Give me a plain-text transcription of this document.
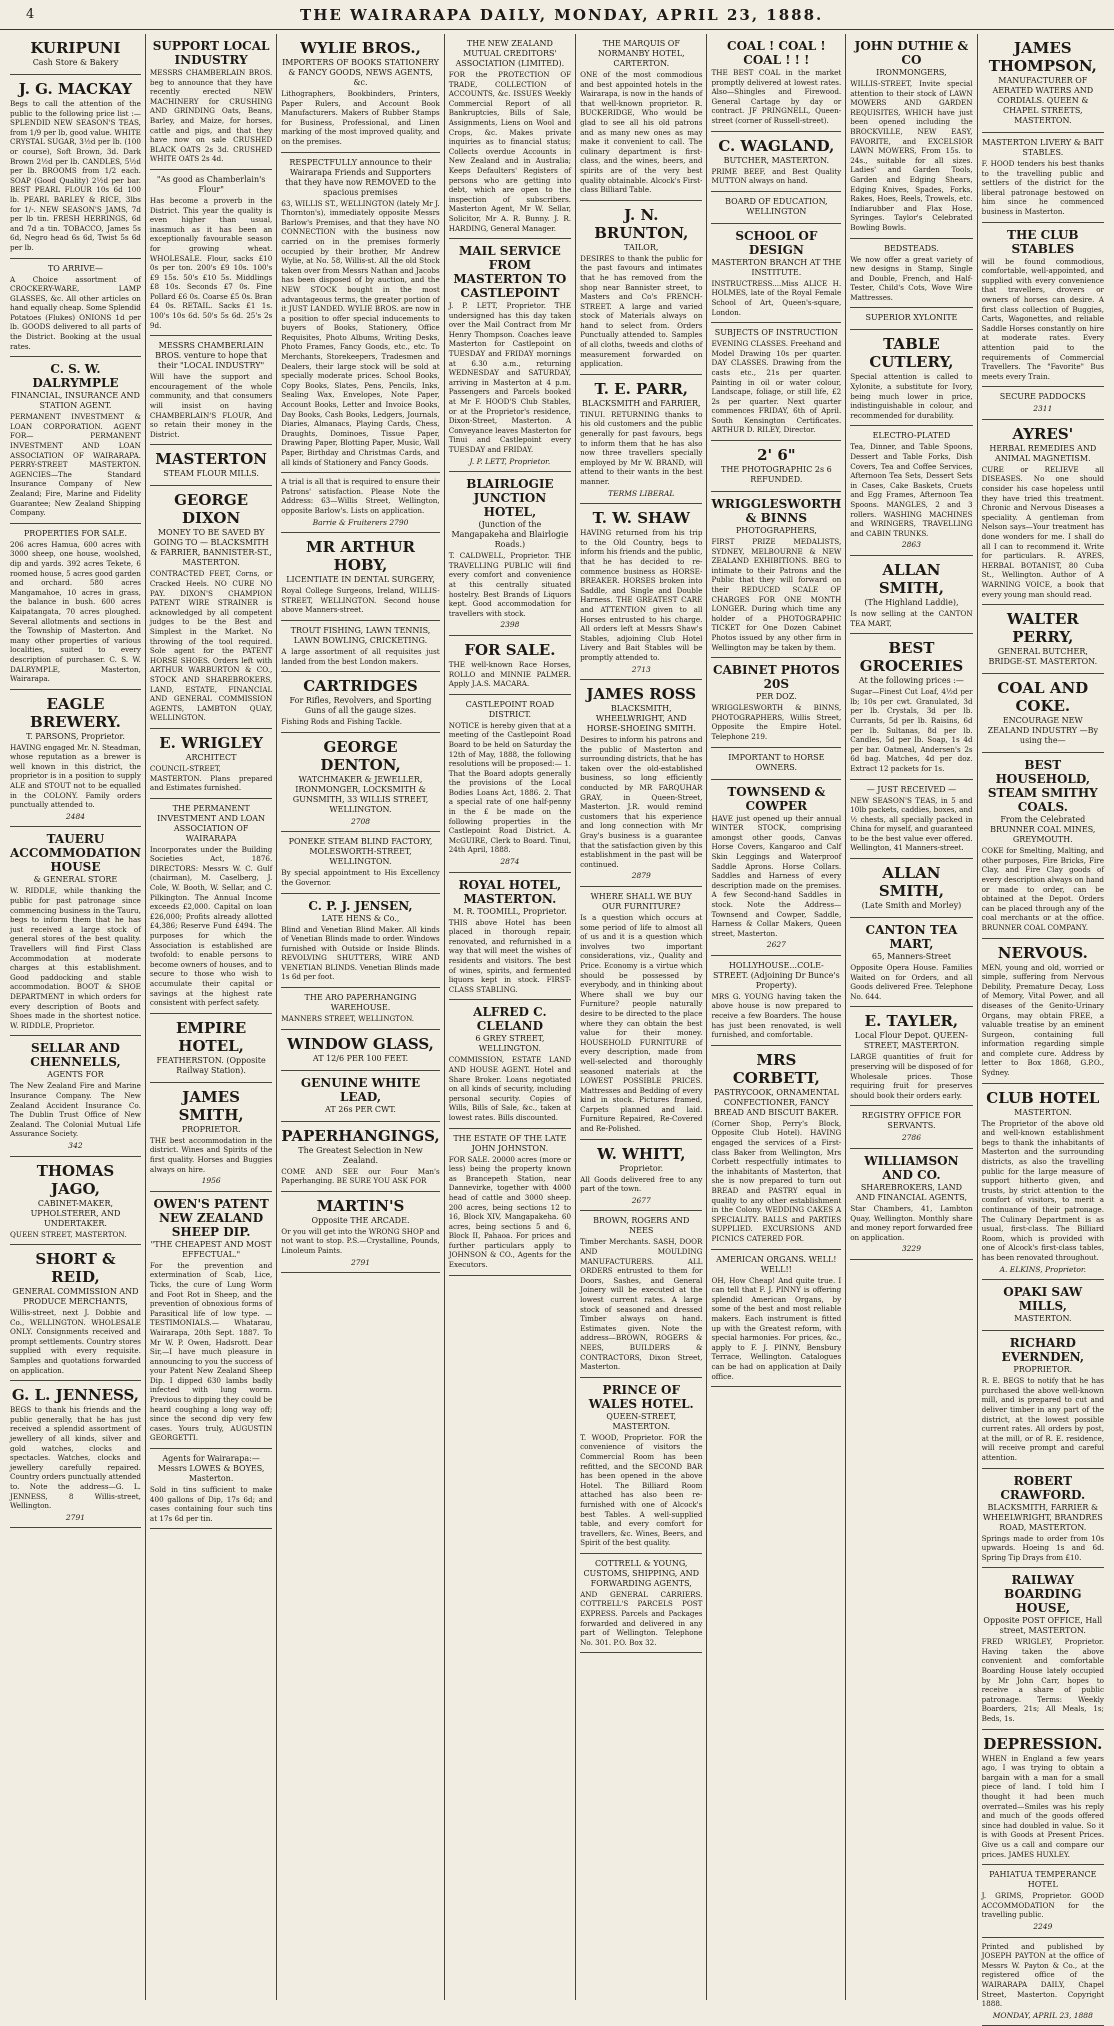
4	THE WAIRARAPA DAILY, MONDAY, APRIL 23, 1888.
KURIPUNI
Cash Store & Bakery
J. G. MACKAY
Begs to call the attention of the public to the following price list :— SPLENDID NEW SEASON'S TEAS, from 1/9 per lb, good value. WHITE CRYSTAL SUGAR, 3½d per lb. (100 or course), Soft Brown, 3d. Dark Brown 2½d per lb. CANDLES, 5½d per lb. BROOMS from 1/2 each. SOAP (Good Quality) 2½d per bar. BEST PEARL FLOUR 10s 6d 100 lb. PEARL BARLEY & RICE, 3lbs for 1/-. NEW SEASON'S JAMS, 7d per lb tin. FRESH HERRINGS, 6d and 7d a tin. TOBACCO, James 5s 6d, Negro head 6s 6d, Twist 5s 6d per lb.
TO ARRIVE—
A Choice assortment of CROCKERY-WARE, LAMP GLASSES, &c. All other articles on hand equally cheap. Some Splendid Potatoes (Flukes) ONIONS 1d per lb. GOODS delivered to all parts of the District. Booking at the usual rates.
C. S. W. DALRYMPLE
FINANCIAL, INSURANCE AND STATION AGENT.
PERMANENT INVESTMENT & LOAN CORPORATION. AGENT FOR— PERMANENT INVESTMENT AND LOAN ASSOCIATION OF WAIRARAPA. PERRY-STREET MASTERTON. AGENCIES—The Standard Insurance Company of New Zealand; Fire, Marine and Fidelity Guarantee; New Zealand Shipping Company.
PROPERTIES FOR SALE.
206 acres Hamua, 600 acres with 3000 sheep, one house, woolshed, dip and yards. 392 acres Tekete, 6 roomed house, 5 acres good garden and orchard. 580 acres Mangamahoe, 10 acres in grass, the balance in bush. 600 acres Kaipatangata, 70 acres ploughed. Several allotments and sections in the Township of Masterton. And many other properties of various localities, suited to every description of purchaser. C. S. W. DALRYMPLE, Masterton, Wairarapa.
EAGLE BREWERY.
T. PARSONS, Proprietor.
HAVING engaged Mr. N. Steadman, whose reputation as a brewer is well known in this district, the proprietor is in a position to supply ALE and STOUT not to be equalled in the COLONY. Family orders punctually attended to.
2484
TAUERU ACCOMMODATION HOUSE
& GENERAL STORE
W. RIDDLE, while thanking the public for past patronage since commencing business in the Tauru, begs to inform them that he has just received a large stock of general stores of the best quality. Travellers will find First Class Accommodation at moderate charges at this establishment. Good paddocking and stable accommodation. BOOT & SHOE DEPARTMENT in which orders for every description of Boots and Shoes made in the shortest notice. W. RIDDLE, Proprietor.
SELLAR AND CHENNELLS,
AGENTS FOR
The New Zealand Fire and Marine Insurance Company. The New Zealand Accident Insurance Co. The Dublin Trust Office of New Zealand. The Colonial Mutual Life Assurance Society.
342
THOMAS JAGO,
CABINET-MAKER, UPHOLSTERER, AND UNDERTAKER.
QUEEN STREET, MASTERTON.
SHORT & REID,
GENERAL COMMISSION AND PRODUCE MERCHANTS,
Willis-street, next J. Dobbie and Co., WELLINGTON. WHOLESALE ONLY. Consignments received and prompt settlements. Country stores supplied with every requisite. Samples and quotations forwarded on application.
G. L. JENNESS,
BEGS to thank his friends and the public generally, that he has just received a splendid assortment of jewellery of all kinds, silver and gold watches, clocks and spectacles. Watches, clocks and jewellery carefully repaired. Country orders punctually attended to. Note the address—G. L. JENNESS, 8 Willis-street, Wellington.
2791
SUPPORT LOCAL INDUSTRY
MESSRS CHAMBERLAIN BROS. beg to announce that they have recently erected NEW MACHINERY for CRUSHING AND GRINDING Oats, Beans, Barley, and Maize, for horses, cattle and pigs, and that they have now on sale CRUSHED BLACK OATS 2s 3d. CRUSHED WHITE OATS 2s 4d.
"As good as Chamberlain's Flour"
Has become a proverb in the District. This year the quality is even higher than usual, inasmuch as it has been an exceptionally favourable season for growing wheat. WHOLESALE. Flour, sacks £10 0s per ton. 200's £9 10s. 100's £9 15s. 50's £10 5s. Middlings £8 10s. Seconds £7 0s. Fine Pollard £6 0s. Coarse £5 0s. Bran £4 0s. RETAIL. Sacks £1 1s. 100's 10s 6d. 50's 5s 6d. 25's 2s 9d.
MESSRS CHAMBERLAIN BROS. venture to hope that their "LOCAL INDUSTRY"
Will have the support and encouragement of the whole community, and that consumers will insist on having CHAMBERLAIN'S FLOUR, And so retain their money in the District.
MASTERTON
STEAM FLOUR MILLS.
GEORGE DIXON
MONEY TO BE SAVED BY GOING TO — BLACKSMITH & FARRIER, BANNISTER-ST., MASTERTON.
CONTRACTED FEET, Corns, or Cracked Heels. NO CURE NO PAY. DIXON'S CHAMPION PATENT WIRE STRAINER is acknowledged by all competent judges to be the Best and Simplest in the Market. No throwing of the tool required. Sole agent for the PATENT HORSE SHOES. Orders left with ARTHUR WARBURTON & CO., STOCK AND SHAREBROKERS, LAND, ESTATE, FINANCIAL AND GENERAL COMMISSION AGENTS, LAMBTON QUAY, WELLINGTON.
E. WRIGLEY
ARCHITECT
COUNCIL-STREET, MASTERTON. Plans prepared and Estimates furnished.
THE PERMANENT INVESTMENT AND LOAN ASSOCIATION OF WAIRARAPA
Incorporates under the Building Societies Act, 1876. DIRECTORS: Messrs W. C. Gulf (chairman), M. Caselberg, J. Cole, W. Booth, W. Sellar, and C. Pilkington. The Annual Income exceeds £2,000. Capital on loan £26,000; Profits already allotted £4,386; Reserve Fund £494. The purposes for which the Association is established are twofold: to enable persons to become owners of houses, and to secure to those who wish to accumulate their capital or savings at the highest rate consistent with perfect safety.
EMPIRE HOTEL,
FEATHERSTON. (Opposite Railway Station).
JAMES SMITH,
PROPRIETOR.
THE best accommodation in the district. Wines and Spirits of the first quality. Horses and Buggies always on hire.
1956
OWEN'S PATENT NEW ZEALAND SHEEP DIP.
"THE CHEAPEST AND MOST EFFECTUAL."
For the prevention and extermination of Scab, Lice, Ticks, the cure of Lung Worm and Foot Rot in Sheep, and the prevention of obnoxious forms of Parasitical life of low type. —TESTIMONIALS.— Whatarau, Wairarapa, 20th Sept. 1887. To Mr W. P. Owen, Hadsrott. Dear Sir,—I have much pleasure in announcing to you the success of your Patent New Zealand Sheep Dip. I dipped 630 lambs badly infected with lung worm. Previous to dipping they could be heard coughing a long way off; since the second dip very few cases. Yours truly, AUGUSTIN GEORGETTI.
Agents for Wairarapa:— Messrs LOWES & BOYES, Masterton.
Sold in tins sufficient to make 400 gallons of Dip, 17s 6d; and cases containing four such tins at 17s 6d per tin.
WYLIE BROS.,
IMPORTERS OF BOOKS STATIONERY & FANCY GOODS, NEWS AGENTS, &c.
Lithographers, Bookbinders, Printers, Paper Rulers, and Account Book Manufacturers. Makers of Rubber Stamps for Business, Professional, and Linen marking of the most improved quality, and on the premises.
RESPECTFULLY announce to their Wairarapa Friends and Supporters that they have now REMOVED to the spacious premises
63, WILLIS ST., WELLINGTON (lately Mr J. Thornton's), immediately opposite Messrs Barlow's Premises, and that they have NO CONNECTION with the business now carried on in the premises formerly occupied by their brother, Mr Andrew Wylie, at No. 58, Willis-st. All the old Stock taken over from Messrs Nathan and Jacobs has been disposed of by auction, and the NEW STOCK bought in the most advantageous terms, the greater portion of it JUST LANDED. WYLIE BROS. are now in a position to offer special inducements to buyers of Books, Stationery, Office Requisites, Photo Albums, Writing Desks, Photo Frames, Fancy Goods, etc., etc. To Merchants, Storekeepers, Tradesmen and Dealers, their large stock will be sold at specially moderate prices. School Books, Copy Books, Slates, Pens, Pencils, Inks, Sealing Wax, Envelopes, Note Paper, Account Books, Letter and Invoice Books, Day Books, Cash Books, Ledgers, Journals, Diaries, Almanacs, Playing Cards, Chess, Draughts, Dominoes, Tissue Paper, Drawing Paper, Blotting Paper, Music, Wall Paper, Birthday and Christmas Cards, and all kinds of Stationery and Fancy Goods.
A trial is all that is required to ensure their Patrons' satisfaction. Please Note the Address: 63—Willis Street, Wellington, opposite Barlow's. Lists on application.
Barrie & Fruiterers 2790
MR ARTHUR HOBY,
LICENTIATE IN DENTAL SURGERY,
Royal College Surgeons, Ireland, WILLIS-STREET, WELLINGTON. Second house above Manners-street.
TROUT FISHING, LAWN TENNIS, LAWN BOWLING, CRICKETING.
A large assortment of all requisites just landed from the best London makers.
CARTRIDGES
For Rifles, Revolvers, and Sporting Guns of all the gauge sizes.
Fishing Rods and Fishing Tackle.
GEORGE DENTON,
WATCHMAKER & JEWELLER, IRONMONGER, LOCKSMITH & GUNSMITH, 33 WILLIS STREET, WELLINGTON.
2708
PONEKE STEAM BLIND FACTORY, MOLESWORTH-STREET, WELLINGTON.
By special appointment to His Excellency the Governor.
C. P. J. JENSEN,
LATE HENS & Co.,
Blind and Venetian Blind Maker. All kinds of Venetian Blinds made to order. Windows furnished with Outside or Inside Blinds. REVOLVING SHUTTERS, WIRE AND VENETIAN BLINDS. Venetian Blinds made 1s 6d per foot.
THE ARO PAPERHANGING WAREHOUSE.
MANNERS STREET, WELLINGTON.
WINDOW GLASS,
AT 12/6 PER 100 FEET.
GENUINE WHITE LEAD,
AT 26s PER CWT.
PAPERHANGINGS,
The Greatest Selection in New Zealand.
COME AND SEE our Four Man's Paperhanging. BE SURE YOU ASK FOR
MARTIN'S
Opposite THE ARCADE.
Or you will get into the WRONG SHOP and not want to stop. P.S.—Crystalline, Pounds, Linoleum Paints.
2791
THE NEW ZEALAND MUTUAL CREDITORS' ASSOCIATION (LIMITED).
FOR the PROTECTION OF TRADE, COLLECTION of ACCOUNTS, &c. ISSUES Weekly Commercial Report of all Bankruptcies, Bills of Sale, Assignments, Liens on Wool and Crops, &c. Makes private inquiries as to financial status; Collects overdue Accounts in New Zealand and in Australia; Keeps Defaulters' Registers of persons who are getting into debt, which are open to the inspection of subscribers. Masterton Agent, Mr W. Sellar, Solicitor, Mr A. R. Bunny. J. R. HARDING, General Manager.
MAIL SERVICE FROM MASTERTON TO CASTLEPOINT
J. P. LETT, Proprietor. THE undersigned has this day taken over the Mail Contract from Mr Henry Thompson. Coaches leave Masterton for Castlepoint on TUESDAY and FRIDAY mornings at 6.30 a.m., returning WEDNESDAY and SATURDAY, arriving in Masterton at 4 p.m. Passengers and Parcels booked at Mr F. HOOD'S Club Stables, or at the Proprietor's residence, Dixon-Street, Masterton. A Conveyance leaves Masterton for Tinui and Castlepoint every TUESDAY and FRIDAY.
J. P. LETT, Proprietor.
BLAIRLOGIE JUNCTION HOTEL,
(Junction of the Mangapakeha and Blairlogie Roads.)
T. CALDWELL, Proprietor. THE TRAVELLING PUBLIC will find every comfort and convenience at this centrally situated hostelry. Best Brands of Liquors kept. Good accommodation for travellers with stock.
2398
FOR SALE.
THE well-known Race Horses, ROLLO and MINNIE PALMER. Apply J.A.S. MACARA.
CASTLEPOINT ROAD DISTRICT.
NOTICE is hereby given that at a meeting of the Castlepoint Road Board to be held on Saturday the 12th of May, 1888, the following resolutions will be proposed:— 1. That the Board adopts generally the provisions of the Local Bodies Loans Act, 1886. 2. That a special rate of one half-penny in the £ be made on the following properties in the Castlepoint Road District. A. McGUIRE, Clerk to Board. Tinui, 24th April, 1888.
2874
ROYAL HOTEL, MASTERTON.
M. R. TOOMILL, Proprietor.
THIS above Hotel has been placed in thorough repair, renovated, and refurnished in a way that will meet the wishes of residents and visitors. The best of wines, spirits, and fermented liquors kept in stock. FIRST-CLASS STABLING.
ALFRED C. CLELAND
6 GREY STREET, WELLINGTON.
COMMISSION, ESTATE LAND AND HOUSE AGENT. Hotel and Share Broker. Loans negotiated on all kinds of security, including personal security. Copies of Wills, Bills of Sale, &c., taken at lowest rates. Bills discounted.
THE ESTATE OF THE LATE JOHN JOHNSTON.
FOR SALE. 20000 acres (more or less) being the property known as Brancepeth Station, near Dannevirke, together with 4000 head of cattle and 3000 sheep. 200 acres, being sections 12 to 16, Block XIV, Mangapakeha. 60 acres, being sections 5 and 6, Block II, Pahaoa. For prices and further particulars apply to JOHNSON & CO., Agents for the Executors.
THE MARQUIS OF NORMANBY HOTEL, CARTERTON.
ONE of the most commodious and best appointed hotels in the Wairarapa, is now in the hands of that well-known proprietor. R. BUCKERIDGE, Who would be glad to see all his old patrons and as many new ones as may make it convenient to call. The culinary department is first-class, and the wines, beers, and spirits are of the very best quality obtainable. Alcock's First-class Billiard Table.
J. N. BRUNTON,
TAILOR,
DESIRES to thank the public for the past favours and intimates that he has removed from the shop near Bannister street, to Masters and Co's FRENCH-STREET. A large and varied stock of Materials always on hand to select from. Orders Punctually attended to. Samples of all cloths, tweeds and cloths of measurement forwarded on application.
T. E. PARR,
BLACKSMITH and FARRIER,
TINUI. RETURNING thanks to his old customers and the public generally for past favours, begs to inform them that he has also now three travellers specially employed by Mr W. BRAND, will attend to their wants in the best manner.
TERMS LIBERAL
T. W. SHAW
HAVING returned from his trip to the Old Country, begs to inform his friends and the public, that he has decided to re-commence business as HORSE-BREAKER. HORSES broken into Saddle, and Single and Double Harness. THE GREATEST CARE and ATTENTION given to all Horses entrusted to his charge. All orders left at Messrs Shaw's Stables, adjoining Club Hotel Livery and Bait Stables will be promptly attended to.
2713
JAMES ROSS
BLACKSMITH, WHEELWRIGHT, AND HORSE-SHOEING SMITH.
Desires to inform his patrons and the public of Masterton and surrounding districts, that he has taken over the old-established business, so long efficiently conducted by MR FARQUHAR GRAY, in Queen-Street, Masterton. J.R. would remind customers that his experience and long connection with Mr Gray's business is a guarantee that the satisfaction given by this establishment in the past will be continued.
2879
WHERE SHALL WE BUY OUR FURNITURE?
Is a question which occurs at some period of life to almost all of us and it is a question which involves two important considerations, viz., Quality and Price. Economy is a virtue which should be possessed by everybody, and in thinking about Where shall we buy our Furniture? people naturally desire to be directed to the place where they can obtain the best value for their money. HOUSEHOLD FURNITURE of every description, made from well-selected and thoroughly seasoned materials at the LOWEST POSSIBLE PRICES. Mattresses and Bedding of every kind in stock. Pictures framed, Carpets planned and laid. Furniture Repaired, Re-Covered and Re-Polished.
W. WHITT,
Proprietor.
All Goods delivered free to any part of the town.
2677
BROWN, ROGERS AND NEES
Timber Merchants. SASH, DOOR AND MOULDING MANUFACTURERS. ALL ORDERS entrusted to them for Doors, Sashes, and General Joinery will be executed at the lowest current rates. A large stock of seasoned and dressed Timber always on hand. Estimates given. Note the address—BROWN, ROGERS & NEES, BUILDERS & CONTRACTORS, Dixon Street, Masterton.
PRINCE OF WALES HOTEL.
QUEEN-STREET, MASTERTON.
T. WOOD, Proprietor. FOR the convenience of visitors the Commercial Room has been refitted, and the SECOND BAR has been opened in the above Hotel. The Billiard Room attached has also been re-furnished with one of Alcock's best Tables. A well-supplied table, and every comfort for travellers, &c. Wines, Beers, and Spirit of the best quality.
COTTRELL & YOUNG, CUSTOMS, SHIPPING, AND FORWARDING AGENTS,
AND GENERAL CARRIERS. COTTRELL'S PARCELS POST EXPRESS. Parcels and Packages forwarded and delivered in any part of Wellington. Telephone No. 301. P.O. Box 32.
COAL ! COAL ! COAL ! ! !
THE BEST COAL in the market promptly delivered at lowest rates. Also—Shingles and Firewood. General Cartage by day or contract. JF PRINGNELL, Queen-street (corner of Russell-street).
C. WAGLAND,
BUTCHER, MASTERTON.
PRIME BEEF, and Best Quality MUTTON always on hand.
BOARD OF EDUCATION, WELLINGTON
SCHOOL OF DESIGN
MASTERTON BRANCH AT THE INSTITUTE.
INSTRUCTRESS....Miss ALICE H. HOLMES, late of the Royal Female School of Art, Queen's-square, London.
SUBJECTS OF INSTRUCTION
EVENING CLASSES. Freehand and Model Drawing 10s per quarter. DAY CLASSES. Drawing from the casts etc., 21s per quarter. Painting in oil or water colour, Landscape, foliage, or still life, £2 2s per quarter. Next quarter commences FRIDAY, 6th of April. South Kensington Certificates. ARTHUR D. RILEY, Director.
2' 6"
THE PHOTOGRAPHIC 2s 6 REFUNDED.
WRIGGLESWORTH & BINNS
PHOTOGRAPHERS,
FIRST PRIZE MEDALISTS, SYDNEY, MELBOURNE & NEW ZEALAND EXHIBITIONS. BEG to intimate to their Patrons and the Public that they will forward on their REDUCED SCALE OF CHARGES FOR ONE MONTH LONGER. During which time any holder of a PHOTOGRAPHIC TICKET for One Dozen Cabinet Photos issued by any other firm in Wellington may be taken by them.
CABINET PHOTOS 20S
PER DOZ.
WRIGGLESWORTH & BINNS, PHOTOGRAPHERS, Willis Street, Opposite the Empire Hotel. Telephone 219.
IMPORTANT to HORSE OWNERS.
TOWNSEND & COWPER
HAVE just opened up their annual WINTER STOCK, comprising amongst other goods, Canvas Horse Covers, Kangaroo and Calf Skin Leggings and Waterproof Saddle Aprons. Horse Collars. Saddles and Harness of every description made on the premises. A few Second-hand Saddles in stock. Note the Address—Townsend and Cowper, Saddle, Harness & Collar Makers, Queen street, Masterton.
2627
HOLLYHOUSE...COLE-STREET. (Adjoining Dr Bunce's Property).
MRS G. YOUNG having taken the above house is now prepared to receive a few Boarders. The house has just been renovated, is well furnished, and comfortable.
MRS CORBETT,
PASTRYCOOK, ORNAMENTAL CONFECTIONER, FANCY BREAD AND BISCUIT BAKER.
(Corner Shop, Perry's Block, Opposite Club Hotel). HAVING engaged the services of a First-class Baker from Wellington, Mrs Corbett respectfully intimates to the inhabitants of Masterton, that she is now prepared to turn out BREAD and PASTRY equal in quality to any other establishment in the Colony. WEDDING CAKES A SPECIALITY. BALLS and PARTIES SUPPLIED. EXCURSIONS AND PICNICS CATERED FOR.
AMERICAN ORGANS. WELL! WELL!!
OH, How Cheap! And quite true. I can tell that F. J. PINNY is offering splendid American Organs, by some of the best and most reliable makers. Each instrument is fitted up with the Greatest reform, with special harmonies. For prices, &c., apply to F. J. PINNY, Bensbury Terrace, Wellington. Catalogues can be had on application at Daily office.
JOHN DUTHIE & CO
IRONMONGERS,
WILLIS-STREET, Invite special attention to their stock of LAWN MOWERS AND GARDEN REQUISITES, WHICH have just been opened including the BROCKVILLE, NEW EASY, FAVORITE, and EXCELSIOR LAWN MOWERS, From 15s. to 24s., suitable for all sizes. Ladies' and Garden Tools, Garden and Edging Shears, Edging Knives, Spades, Forks, Rakes, Hoes, Reels, Trowels, etc. Indiarubber and Flax Hose, Syringes. Taylor's Celebrated Bowling Bowls.
BEDSTEADS.
We now offer a great variety of new designs in Stamp, Single and Double, French, and Half-Tester, Child's Cots, Wove Wire Mattresses.
SUPERIOR XYLONITE
TABLE CUTLERY,
Special attention is called to Xylonite, a substitute for Ivory, being much lower in price, indistinguishable in colour, and recommended for durability.
ELECTRO-PLATED
Tea, Dinner, and Table Spoons, Dessert and Table Forks, Dish Covers, Tea and Coffee Services, Afternoon Tea Sets, Dessert Sets in Cases, Cake Baskets, Cruets and Egg Frames, Afternoon Tea Spoons. MANGLES, 2 and 3 rollers. WASHING MACHINES and WRINGERS, TRAVELLING and CABIN TRUNKS.
2863
ALLAN SMITH,
(The Highland Laddie),
Is now selling at the CANTON TEA MART,
BEST GROCERIES
At the following prices :—
Sugar—Finest Cut Loaf, 4½d per lb; 10s per cwt. Granulated, 3d per lb. Crystals, 3d per lb. Currants, 5d per lb. Raisins, 6d per lb. Sultanas, 8d per lb. Candles, 5d per lb. Soap, 1s 4d per bar. Oatmeal, Andersen's 2s 6d bag. Matches, 4d per doz. Extract 12 packets for 1s.
— JUST RECEIVED —
NEW SEASON'S TEAS, in 5 and 10lb packets, caddies, boxes, and ½ chests, all specially packed in China for myself, and guaranteed to be the best value ever offered. Wellington, 41 Manners-street.
ALLAN SMITH,
(Late Smith and Morley)
CANTON TEA MART,
65, Manners-Street
Opposite Opera House. Families Waited on for Orders, and all Goods delivered Free. Telephone No. 644.
E. TAYLER,
Local Flour Depot. QUEEN-STREET, MASTERTON.
LARGE quantities of fruit for preserving will be disposed of for Wholesale prices. Those requiring fruit for preserves should book their orders early.
REGISTRY OFFICE FOR SERVANTS.
2786
WILLIAMSON AND CO.
SHAREBROKERS, LAND AND FINANCIAL AGENTS,
Star Chambers, 41, Lambton Quay, Wellington. Monthly share and money report forwarded free on application.
3229
JAMES THOMPSON,
MANUFACTURER OF AERATED WATERS AND CORDIALS. QUEEN & CHAPEL STREETS, MASTERTON.
MASTERTON LIVERY & BAIT STABLES.
F. HOOD tenders his best thanks to the travelling public and settlers of the district for the liberal patronage bestowed on him since he commenced business in Masterton.
THE CLUB STABLES
will be found commodious, comfortable, well-appointed, and supplied with every convenience that travellers, drovers or owners of horses can desire. A first class collection of Buggies, Carts, Wagonettes, and reliable Saddle Horses constantly on hire at moderate rates. Every attention paid to the requirements of Commercial Travellers. The "Favorite" Bus meets every Train.
SECURE PADDOCKS
2311
AYRES'
HERBAL REMEDIES AND ANIMAL MAGNETISM.
CURE or RELIEVE all DISEASES. No one should consider his case hopeless until they have tried this treatment. Chronic and Nervous Diseases a speciality. A gentleman from Nelson says—Your treatment has done wonders for me. I shall do all I can to recommend it. Write for particulars. R. AYRES, HERBAL BOTANIST, 80 Cuba St., Wellington. Author of A WARNING VOICE, a book that every young man should read.
WALTER PERRY,
GENERAL BUTCHER, BRIDGE-ST. MASTERTON.
COAL AND COKE.
ENCOURAGE NEW ZEALAND INDUSTRY —By using the—
BEST HOUSEHOLD, STEAM SMITHY COALS.
From the Celebrated BRUNNER COAL MINES, GREYMOUTH.
COKE for Smelting, Malting, and other purposes, Fire Bricks, Fire Clay, and Fire Clay goods of every description always on hand or made to order, can be obtained at the Depot. Orders can be placed through any of the coal merchants or at the office. BRUNNER COAL COMPANY.
NERVOUS.
MEN, young and old, worried or simple, suffering from Nervous Debility, Premature Decay, Loss of Memory, Vital Power, and all diseases of the Genito-Urinary Organs, may obtain FREE, a valuable treatise by an eminent Surgeon, containing full information regarding simple and complete cure. Address by letter to Box 1868, G.P.O., Sydney.
CLUB HOTEL
MASTERTON.
The Proprietor of the above old and well-known establishment begs to thank the inhabitants of Masterton and the surrounding districts, as also the travelling public for the large measure of support hitherto given, and trusts, by strict attention to the comfort of visitors, to merit a continuance of their patronage. The Culinary Department is as usual, first-class. The Billiard Room, which is provided with one of Alcock's first-class tables, has been renovated throughout.
A. ELKINS, Proprietor.
OPAKI SAW MILLS,
MASTERTON.
RICHARD EVERNDEN,
PROPRIETOR.
R. E. BEGS to notify that he has purchased the above well-known mill, and is prepared to cut and deliver timber in any part of the district, at the lowest possible current rates. All orders by post, at the mill, or of R. E. residence, will receive prompt and careful attention.
ROBERT CRAWFORD.
BLACKSMITH, FARRIER & WHEELWRIGHT, BRANDRES ROAD, MASTERTON.
Springs made to order from 10s upwards. Hoeing 1s and 6d. Spring Tip Drays from £10.
RAILWAY BOARDING HOUSE,
Opposite POST OFFICE, Hall street, MASTERTON.
FRED WRIGLEY, Proprietor. Having taken the above convenient and comfortable Boarding House lately occupied by Mr John Carr, hopes to receive a share of public patronage. Terms: Weekly Boarders, 21s; All Meals, 1s; Beds, 1s.
DEPRESSION.
WHEN in England a few years ago, I was trying to obtain a bargain with a man for a small piece of land. I told him I thought it had been much overrated—Smiles was his reply and much of the goods offered since had doubled in value. So it is with Goods at Present Prices. Give us a call and compare our prices. JAMES HUXLEY.
PAHIATUA TEMPERANCE HOTEL
J. GRIMS, Proprietor. GOOD ACCOMMODATION for the travelling public.
2249
Printed and published by JOSEPH PAYTON at the office of Messrs W. Payton & Co., at the registered office of the WAIRARAPA DAILY, Chapel Street, Masterton. Copyright 1888.
MONDAY, APRIL 23, 1888
